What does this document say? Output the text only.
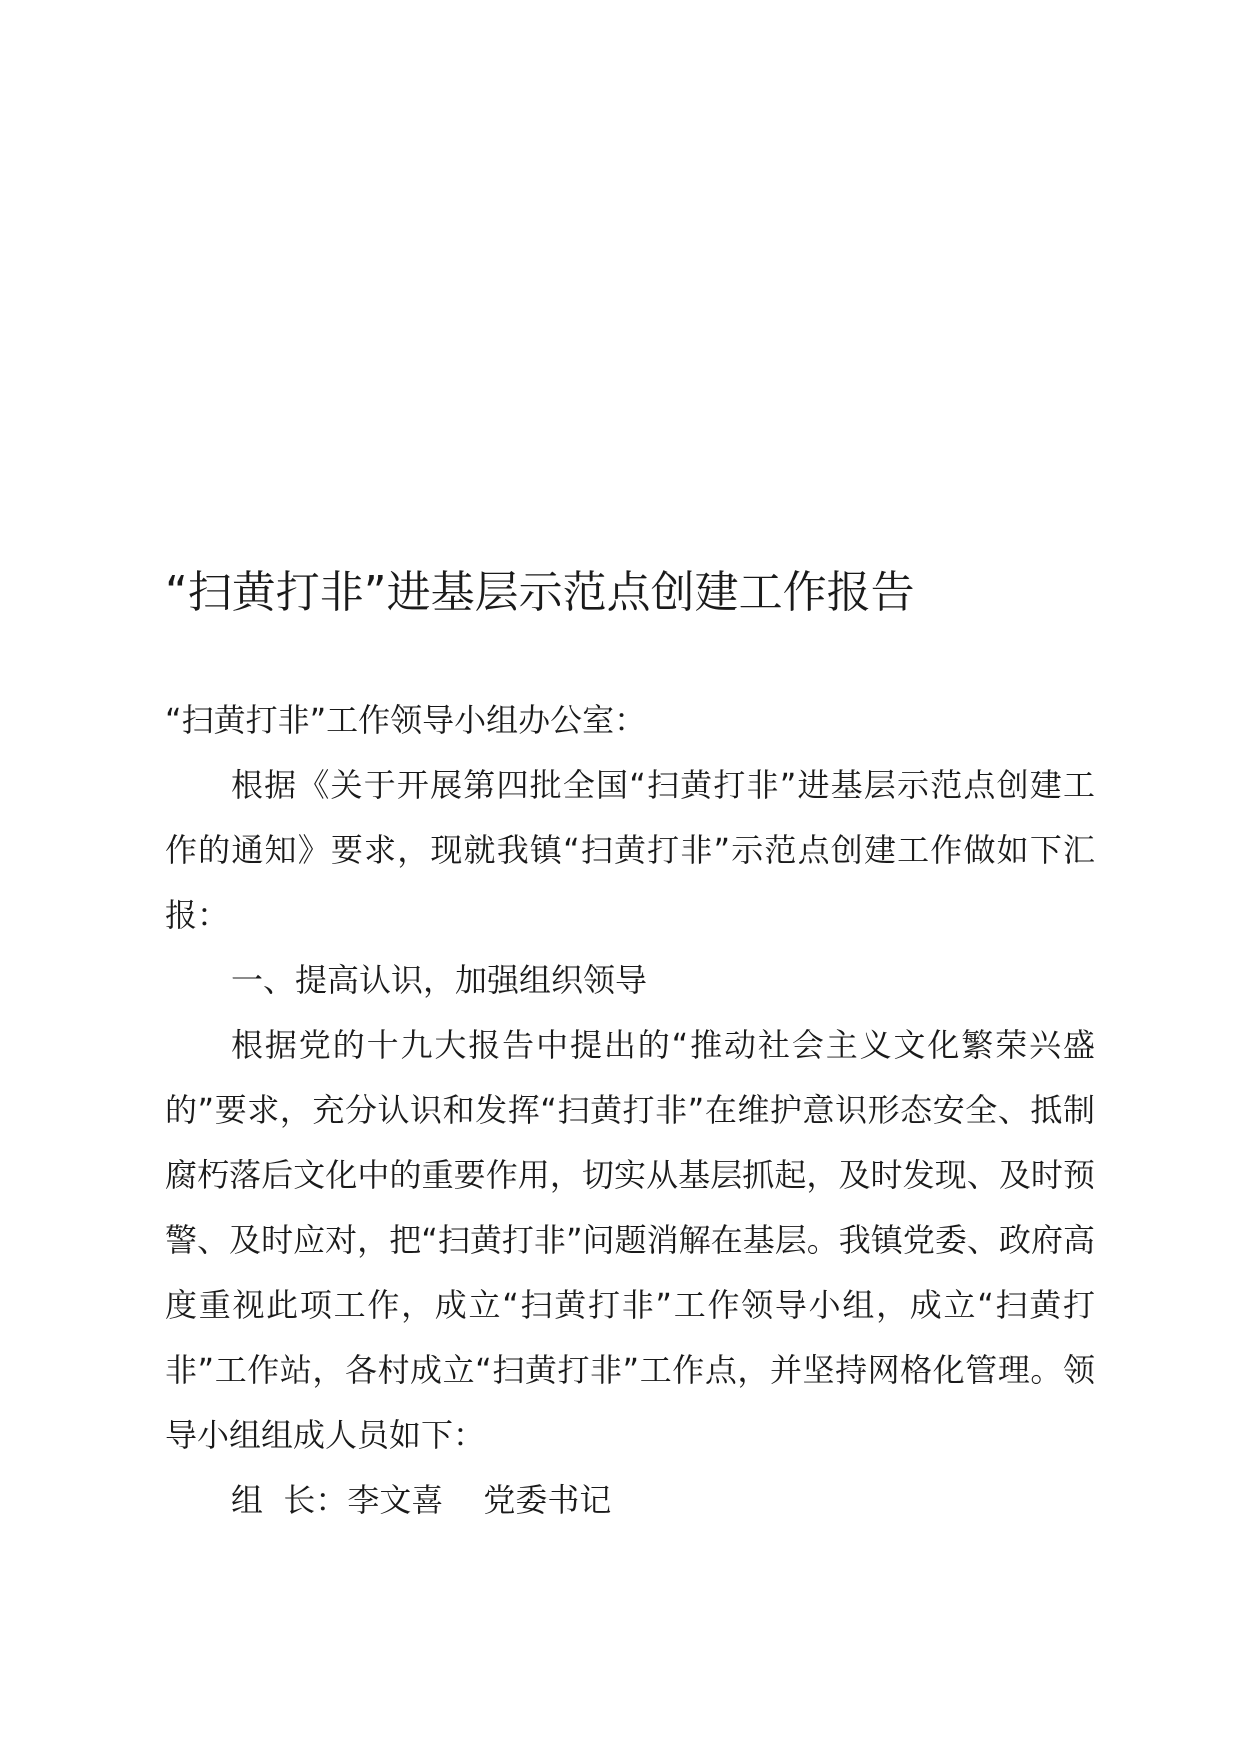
“扫黄打非”进基层示范点创建工作报告

“扫黄打非”工作领导小组办公室：

根据《关于开展第四批全国“扫黄打非”进基层示范点创建工作的通知》要求，现就我镇“扫黄打非”示范点创建工作做如下汇报：

一、提高认识，加强组织领导

根据党的十九大报告中提出的“推动社会主义文化繁荣兴盛的”要求，充分认识和发挥“扫黄打非”在维护意识形态安全、抵制腐朽落后文化中的重要作用，切实从基层抓起，及时发现、及时预警、及时应对，把“扫黄打非”问题消解在基层。我镇党委、政府高度重视此项工作，成立“扫黄打非”工作领导小组，成立“扫黄打非”工作站，各村成立“扫黄打非”工作点，并坚持网格化管理。领导小组组成人员如下：

组  长：李文喜 党委书记
